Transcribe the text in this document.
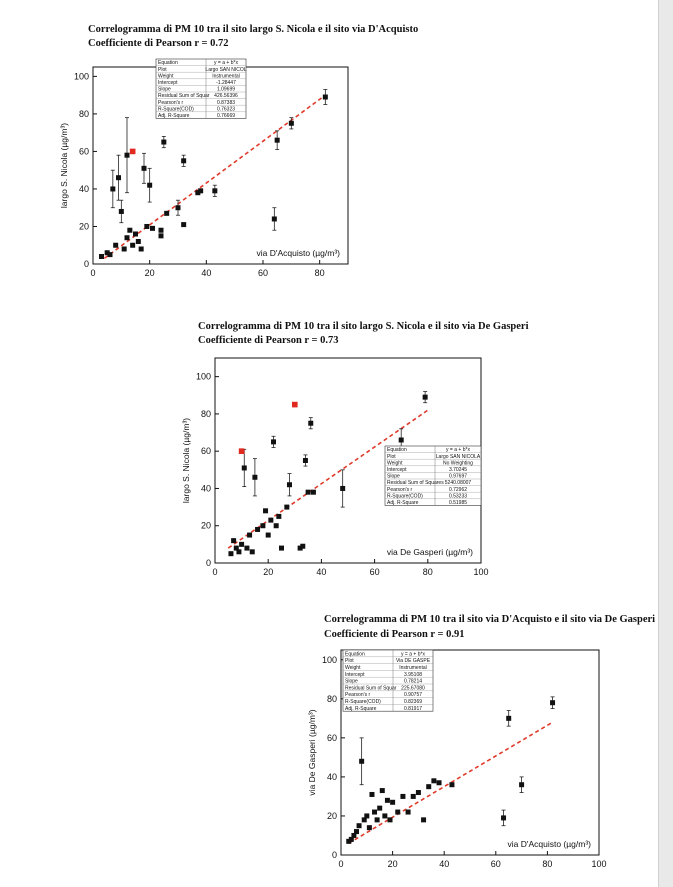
Correlogramma di PM 10 tra il sito largo S. Nicola e il sito via D'Acquisto
Coefficiente di Pearson r = 0.72
0	20	40	60	80
0
20
40
60
80
100
via D'Acquisto (µg/m³)
largo S. Nicola (µg/m³)
Equation	y = a + b*x
Plot	Largo SAN NICOL
Weight	Instrumental
Intercept	-1.28447
Slope	1.09699
Residual Sum of Squar 426.56396
Pearson's r	0.87383
R-Square(COD)	0.76323
Adj. R-Square	0.76669
Correlogramma di PM 10 tra il sito largo S. Nicola e il sito via De Gasperi
Coefficiente di Pearson r = 0.73
0	20	40	60	80	100
0
20
40
60
80
100
via De Gasperi (µg/m³)
largo S. Nicola (µg/m³)	Equation	y = a + b*x
Plot	Largo SAN NICOLA
Weight	No Weighting
Intercept	3.70245
Slope	0.97697
Residual Sum of Squares 5240.08007
Pearson's r	0.72962
R-Square(COD)	0.53233
Adj. R-Square	0.51985
Correlogramma di PM 10 tra il sito via D'Acquisto e il sito via De Gasperi
Coefficiente di Pearson r = 0.91
0	20	40	60	80	100
0
20
40
60
80
100
via D'Acquisto (µg/m³)
via De Gasperi (µg/m³)
Equation	y = a + b*x
Plot	Via DE GASPE
Weight	Instrumental
Intercept	3.95108
Slope	0.78214
Residual Sum of Squar 225.67080
Pearson's r	0.90757
R-Square(COD)	0.82369
Adj. R-Square	0.81917
